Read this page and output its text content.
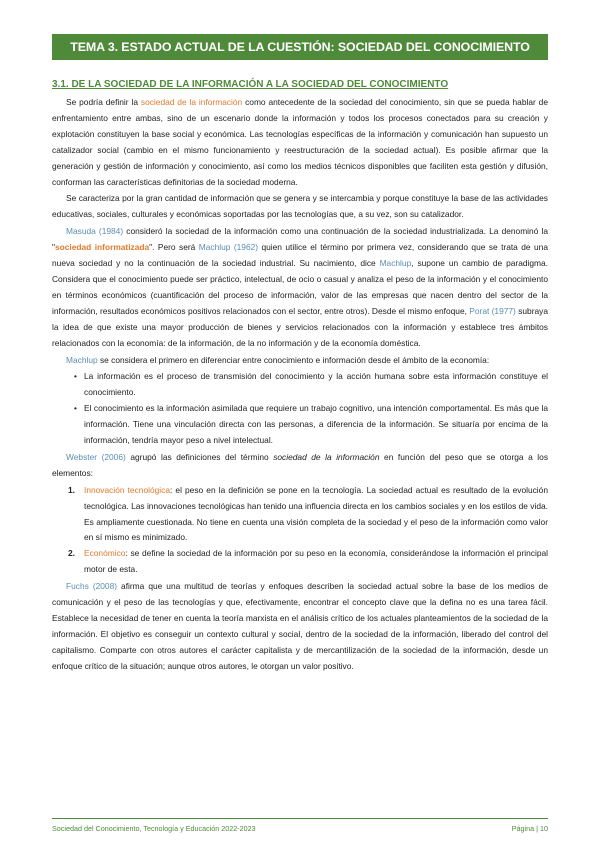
TEMA 3. ESTADO ACTUAL DE LA CUESTIÓN: SOCIEDAD DEL CONOCIMIENTO
3.1. DE LA SOCIEDAD DE LA INFORMACIÓN A LA SOCIEDAD DEL CONOCIMIENTO

Se podría definir la sociedad de la información como antecedente de la sociedad del conocimiento, sin que se pueda hablar de enfrentamiento entre ambas, sino de un escenario donde la información y todos los procesos conectados para su creación y explotación constituyen la base social y económica. Las tecnologías específicas de la información y comunicación han supuesto un catalizador social (cambio en el mismo funcionamiento y reestructuración de la sociedad actual). Es posible afirmar que la generación y gestión de información y conocimiento, así como los medios técnicos disponibles que faciliten esta gestión y difusión, conforman las características definitorias de la sociedad moderna.

Se caracteriza por la gran cantidad de información que se genera y se intercambia y porque constituye la base de las actividades educativas, sociales, culturales y económicas soportadas por las tecnologías que, a su vez, son su catalizador.

Masuda (1984) consideró la sociedad de la información como una continuación de la sociedad industrializada. La denominó la "sociedad informatizada". Pero será Machlup (1962) quien utilice el término por primera vez, considerando que se trata de una nueva sociedad y no la continuación de la sociedad industrial. Su nacimiento, dice Machlup, supone un cambio de paradigma. Considera que el conocimiento puede ser práctico, intelectual, de ocio o casual y analiza el peso de la información y el conocimiento en términos económicos (cuantificación del proceso de información, valor de las empresas que nacen dentro del sector de la información, resultados económicos positivos relacionados con el sector, entre otros). Desde el mismo enfoque, Porat (1977) subraya la idea de que existe una mayor producción de bienes y servicios relacionados con la información y establece tres ámbitos relacionados con la economía: de la información, de la no información y de la economía doméstica.

Machlup se considera el primero en diferenciar entre conocimiento e información desde el ámbito de la economía:

• La información es el proceso de transmisión del conocimiento y la acción humana sobre esta información constituye el conocimiento.
• El conocimiento es la información asimilada que requiere un trabajo cognitivo, una intención comportamental. Es más que la información. Tiene una vinculación directa con las personas, a diferencia de la información. Se situaría por encima de la información, tendría mayor peso a nivel intelectual.

Webster (2006) agrupó las definiciones del término sociedad de la información en función del peso que se otorga a los elementos:

1. Innovación tecnológica: el peso en la definición se pone en la tecnología. La sociedad actual es resultado de la evolución tecnológica. Las innovaciones tecnológicas han tenido una influencia directa en los cambios sociales y en los estilos de vida. Es ampliamente cuestionada. No tiene en cuenta una visión completa de la sociedad y el peso de la información como valor en sí mismo es minimizado.
2. Económico: se define la sociedad de la información por su peso en la economía, considerándose la información el principal motor de esta.

Fuchs (2008) afirma que una multitud de teorías y enfoques describen la sociedad actual sobre la base de los medios de comunicación y el peso de las tecnologías y que, efectivamente, encontrar el concepto clave que la defina no es una tarea fácil. Establece la necesidad de tener en cuenta la teoría marxista en el análisis crítico de los actuales planteamientos de la sociedad de la información. El objetivo es conseguir un contexto cultural y social, dentro de la sociedad de la información, liberado del control del capitalismo. Comparte con otros autores el carácter capitalista y de mercantilización de la sociedad de la información, desde un enfoque crítico de la situación; aunque otros autores, le otorgan un valor positivo.

Sociedad del Conocimiento, Tecnología y Educación 2022-2023	Página | 10
